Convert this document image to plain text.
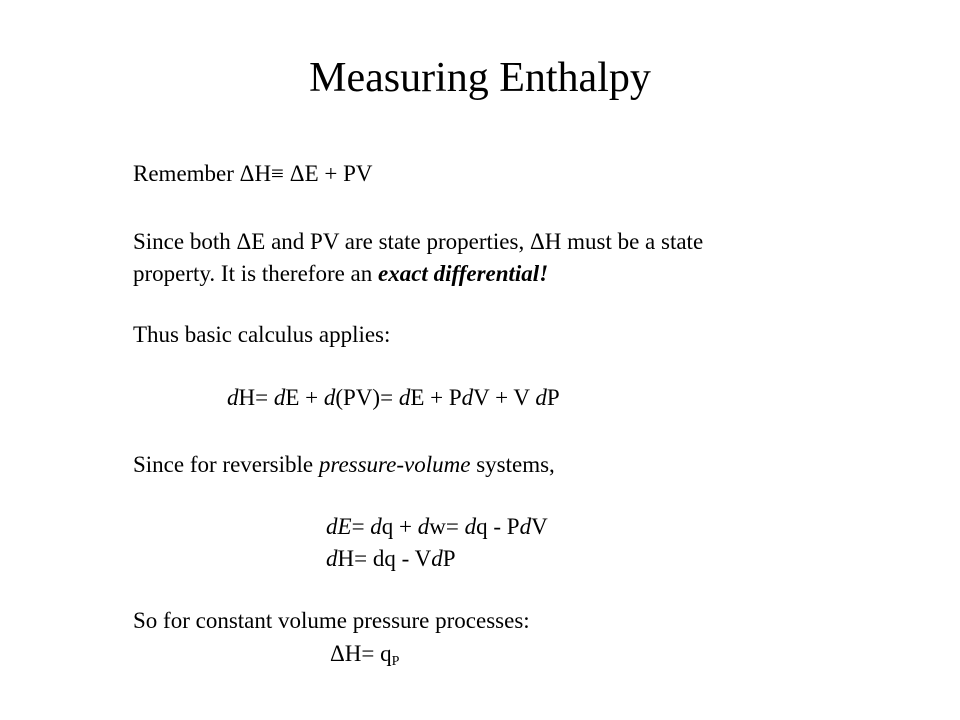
Measuring Enthalpy
Remember ΔH≡ ΔE + PV
Since both ΔE and PV are state properties, ΔH must be a state
property. It is therefore an exact differential!
Thus basic calculus applies:
dH= dE + d(PV)= dE + PdV + V dP
Since for reversible pressure-volume systems,
dE= dq + dw= dq - PdV
dH= dq - VdP
So for constant volume pressure processes:
$\Delta H= q_P$
